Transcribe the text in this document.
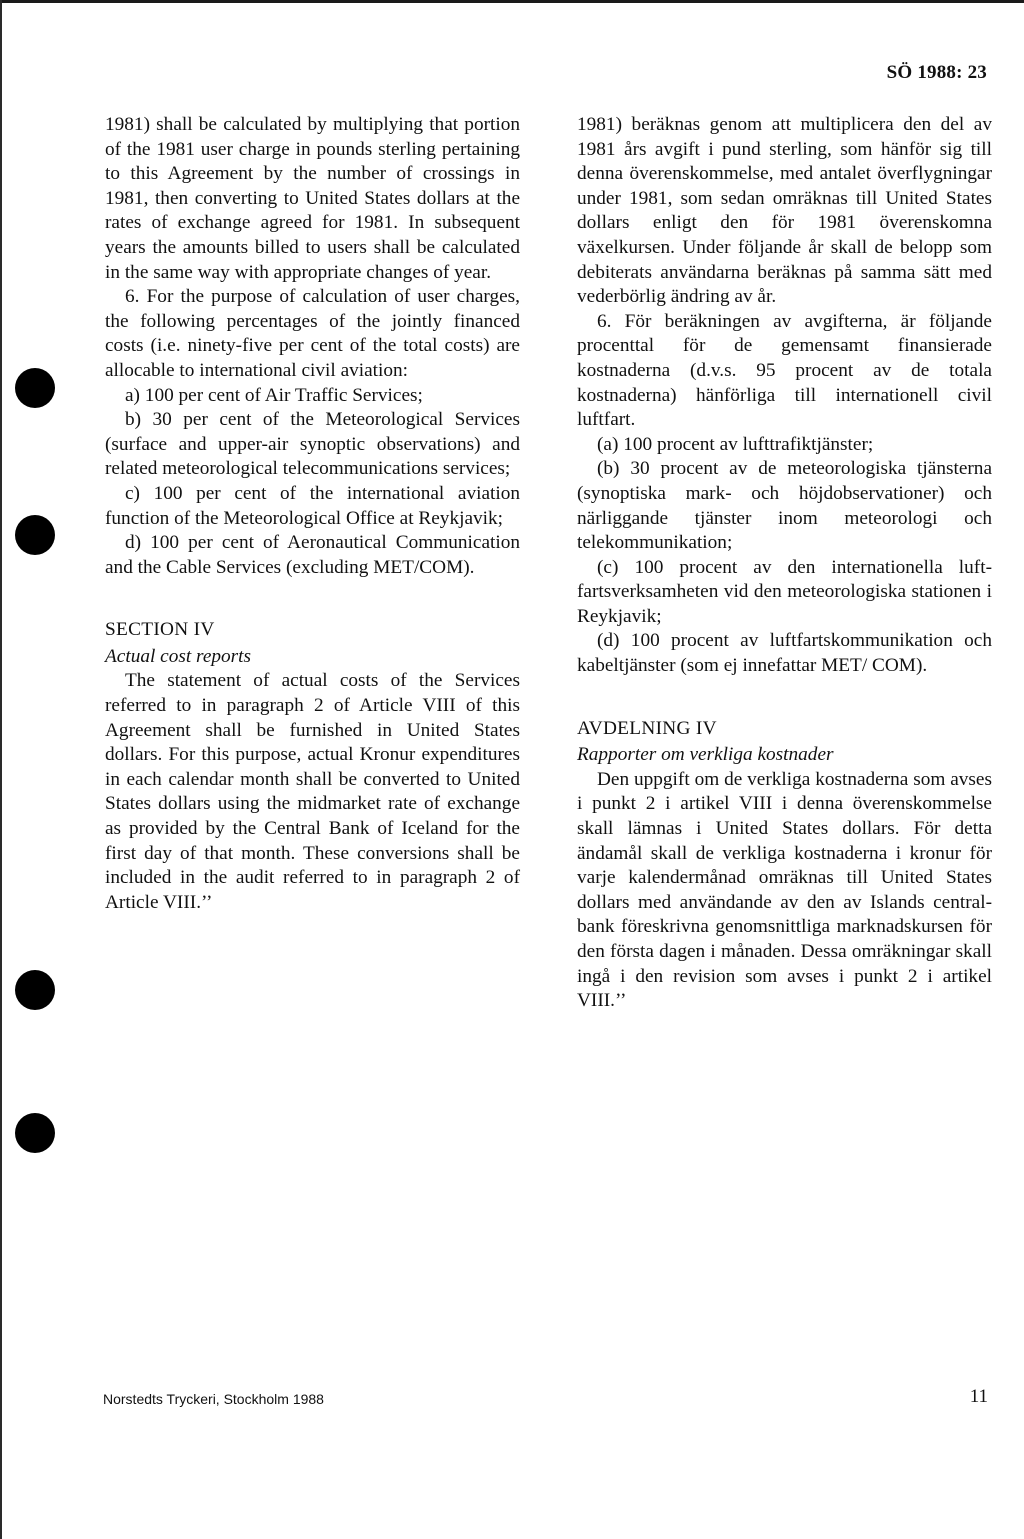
SÖ 1988: 23

1981) shall be calculated by multiplying that portion of the 1981 user charge in pounds sterling pertaining to this Agreement by the number of crossings in 1981, then converting to United States dollars at the rates of exchange agreed for 1981. In subsequent years the amounts billed to users shall be calculated in the same way with appropriate changes of year.

6. For the purpose of calculation of user charges, the following percentages of the jointly financed costs (i.e. ninety-five per cent of the total costs) are allocable to international civil aviation:

a) 100 per cent of Air Traffic Services;

b) 30 per cent of the Meteorological Services (surface and upper-air synoptic observations) and related meteorological telecommunications services;

c) 100 per cent of the international aviation function of the Meteorological Office at Reykjavik;

d) 100 per cent of Aeronautical Communication and the Cable Services (excluding MET/COM).

SECTION IV

Actual cost reports

The statement of actual costs of the Services referred to in paragraph 2 of Article VIII of this Agreement shall be furnished in United States dollars. For this purpose, actual Kronur expenditures in each calendar month shall be converted to United States dollars using the midmarket rate of exchange as provided by the Central Bank of Iceland for the first day of that month. These conversions shall be included in the audit referred to in paragraph 2 of Article VIII.’’

1981) beräknas genom att multiplicera den del av 1981 års avgift i pund sterling, som hänför sig till denna överenskommelse, med antalet överflygningar under 1981, som sedan omräknas till United States dollars enligt den för 1981 överenskomna växelkursen. Under följande år skall de belopp som debiterats användarna beräknas på samma sätt med vederbörlig ändring av år.

6. För beräkningen av avgifterna, är följande procenttal för de gemensamt finansierade kostnaderna (d.v.s. 95 procent av de totala kostnaderna) hänförliga till internationell civil luftfart.

(a) 100 procent av lufttrafiktjänster;

(b) 30 procent av de meteorologiska tjänsterna (synoptiska mark- och höjdobservationer) och närliggande tjänster inom meteorologi och telekommunikation;

(c) 100 procent av den internationella luftfartsverksamheten vid den meteorologiska stationen i Reykjavik;

(d) 100 procent av luftfartskommunikation och kabeltjänster (som ej innefattar MET/ COM).

AVDELNING IV

Rapporter om verkliga kostnader

Den uppgift om de verkliga kostnaderna som avses i punkt 2 i artikel VIII i denna överenskommelse skall lämnas i United States dollars. För detta ändamål skall de verkliga kostnaderna i kronur för varje kalendermånad omräknas till United States dollars med användande av den av Islands centralbank föreskrivna genomsnittliga marknadskursen för den första dagen i månaden. Dessa omräkningar skall ingå i den revision som avses i punkt 2 i artikel VIII.’’

Norstedts Tryckeri, Stockholm 1988	11
